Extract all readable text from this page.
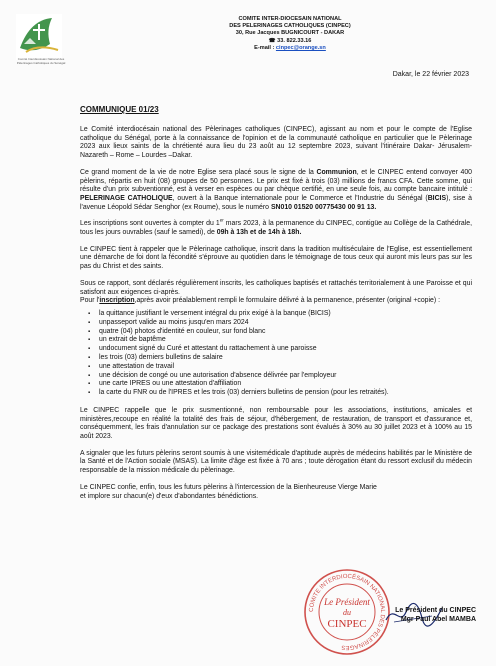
Comité Interdiocésain National des Pèlerinages Catholiques du Sénégal
COMITE INTER-DIOCESAIN NATIONAL
DES PELERINAGES CATHOLIQUES (CINPEC)
30, Rue Jacques BUGNICOURT - DAKAR
☎ 33. 822.33.16
E-mail : cinpec@orange.sn
Dakar, le 22 février 2023
COMMUNIQUE 01/23

Le Comité interdiocésain national des Pèlerinages catholiques (CINPEC), agissant au nom et pour le compte de l'Eglise catholique du Sénégal, porte à la connaissance de l'opinion et de la communauté catholique en particulier que le Pèlerinage 2023 aux lieux saints de la chrétienté aura lieu du 23 août au 12 septembre 2023, suivant l'itinéraire Dakar- Jérusalem- Nazareth – Rome – Lourdes –Dakar.

Ce grand moment de la vie de notre Eglise sera placé sous le signe de la Communion, et le CINPEC entend convoyer 400 pèlerins, répartis en huit (08) groupes de 50 personnes. Le prix est fixé à trois (03) millions de francs CFA. Cette somme, qui résulte d'un prix subventionné, est à verser en espèces ou par chèque certifié, en une seule fois, au compte bancaire intitulé : PELERINAGE CATHOLIQUE, ouvert à la Banque internationale pour le Commerce et l'Industrie du Sénégal (BICIS), sise à l'avenue Léopold Sédar Senghor (ex Roume), sous le numéro SN010 01520 00775430 00 91 13.

Les inscriptions sont ouvertes à compter du 1er mars 2023, à la permanence du CINPEC, contigüe au Collège de la Cathédrale, tous les jours ouvrables (sauf le samedi), de 09h à 13h et de 14h à 18h.

Le CINPEC tient à rappeler que le Pèlerinage catholique, inscrit dans la tradition multiséculaire de l'Eglise, est essentiellement une démarche de foi dont la fécondité s'éprouve au quotidien dans le témoignage de tous ceux qui auront mis leurs pas sur les pas du Christ et des saints.

Sous ce rapport, sont déclarés régulièrement inscrits, les catholiques baptisés et rattachés territorialement à une Paroisse et qui satisfont aux exigences ci-après.
Pour l'inscription,après avoir préalablement rempli le formulaire délivré à la permanence, présenter (original +copie) :

▪ la quittance justifiant le versement intégral du prix exigé à la banque (BICIS)
▪ unpasseport valide au moins jusqu'en mars 2024
▪ quatre (04) photos d'identité en couleur, sur fond blanc
▪ un extrait de baptême
▪ undocument signé du Curé et attestant du rattachement à une paroisse
▪ les trois (03) derniers bulletins de salaire
▪ une attestation de travail
▪ une décision de congé ou une autorisation d'absence délivrée par l'employeur
▪ une carte IPRES ou une attestation d'affiliation
▪ la carte du FNR ou de l'IPRES et les trois (03) derniers bulletins de pension (pour les retraités).

Le CINPEC rappelle que le prix susmentionné, non remboursable pour les associations, institutions, amicales et ministères,recoupe en réalité la totalité des frais de séjour, d'hébergement, de restauration, de transport et d'assurance et, conséquemment, les frais d'annulation sur ce package des prestations sont évalués à 30% au 30 juillet 2023 et à 100% au 15 août 2023.

A signaler que les futurs pèlerins seront soumis à une visitemédicale d'aptitude auprès de médecins habilités par le Ministère de la Santé et de l'Action sociale (MSAS). La limite d'âge est fixée à 70 ans ; toute dérogation étant du ressort exclusif du médecin responsable de la mission médicale du pèlerinage.

Le CINPEC confie, enfin, tous les futurs pèlerins à l'intercession de la Bienheureuse Vierge Marie et implore sur chacun(e) d'eux d'abondantes bénédictions.

COMITE INTERDIOCÉSAIN NATIONAL DES PÈLERINAGES
Le Président
du
CINPEC
Le Président du CINPEC
Mgr Paul Abel MAMBA
